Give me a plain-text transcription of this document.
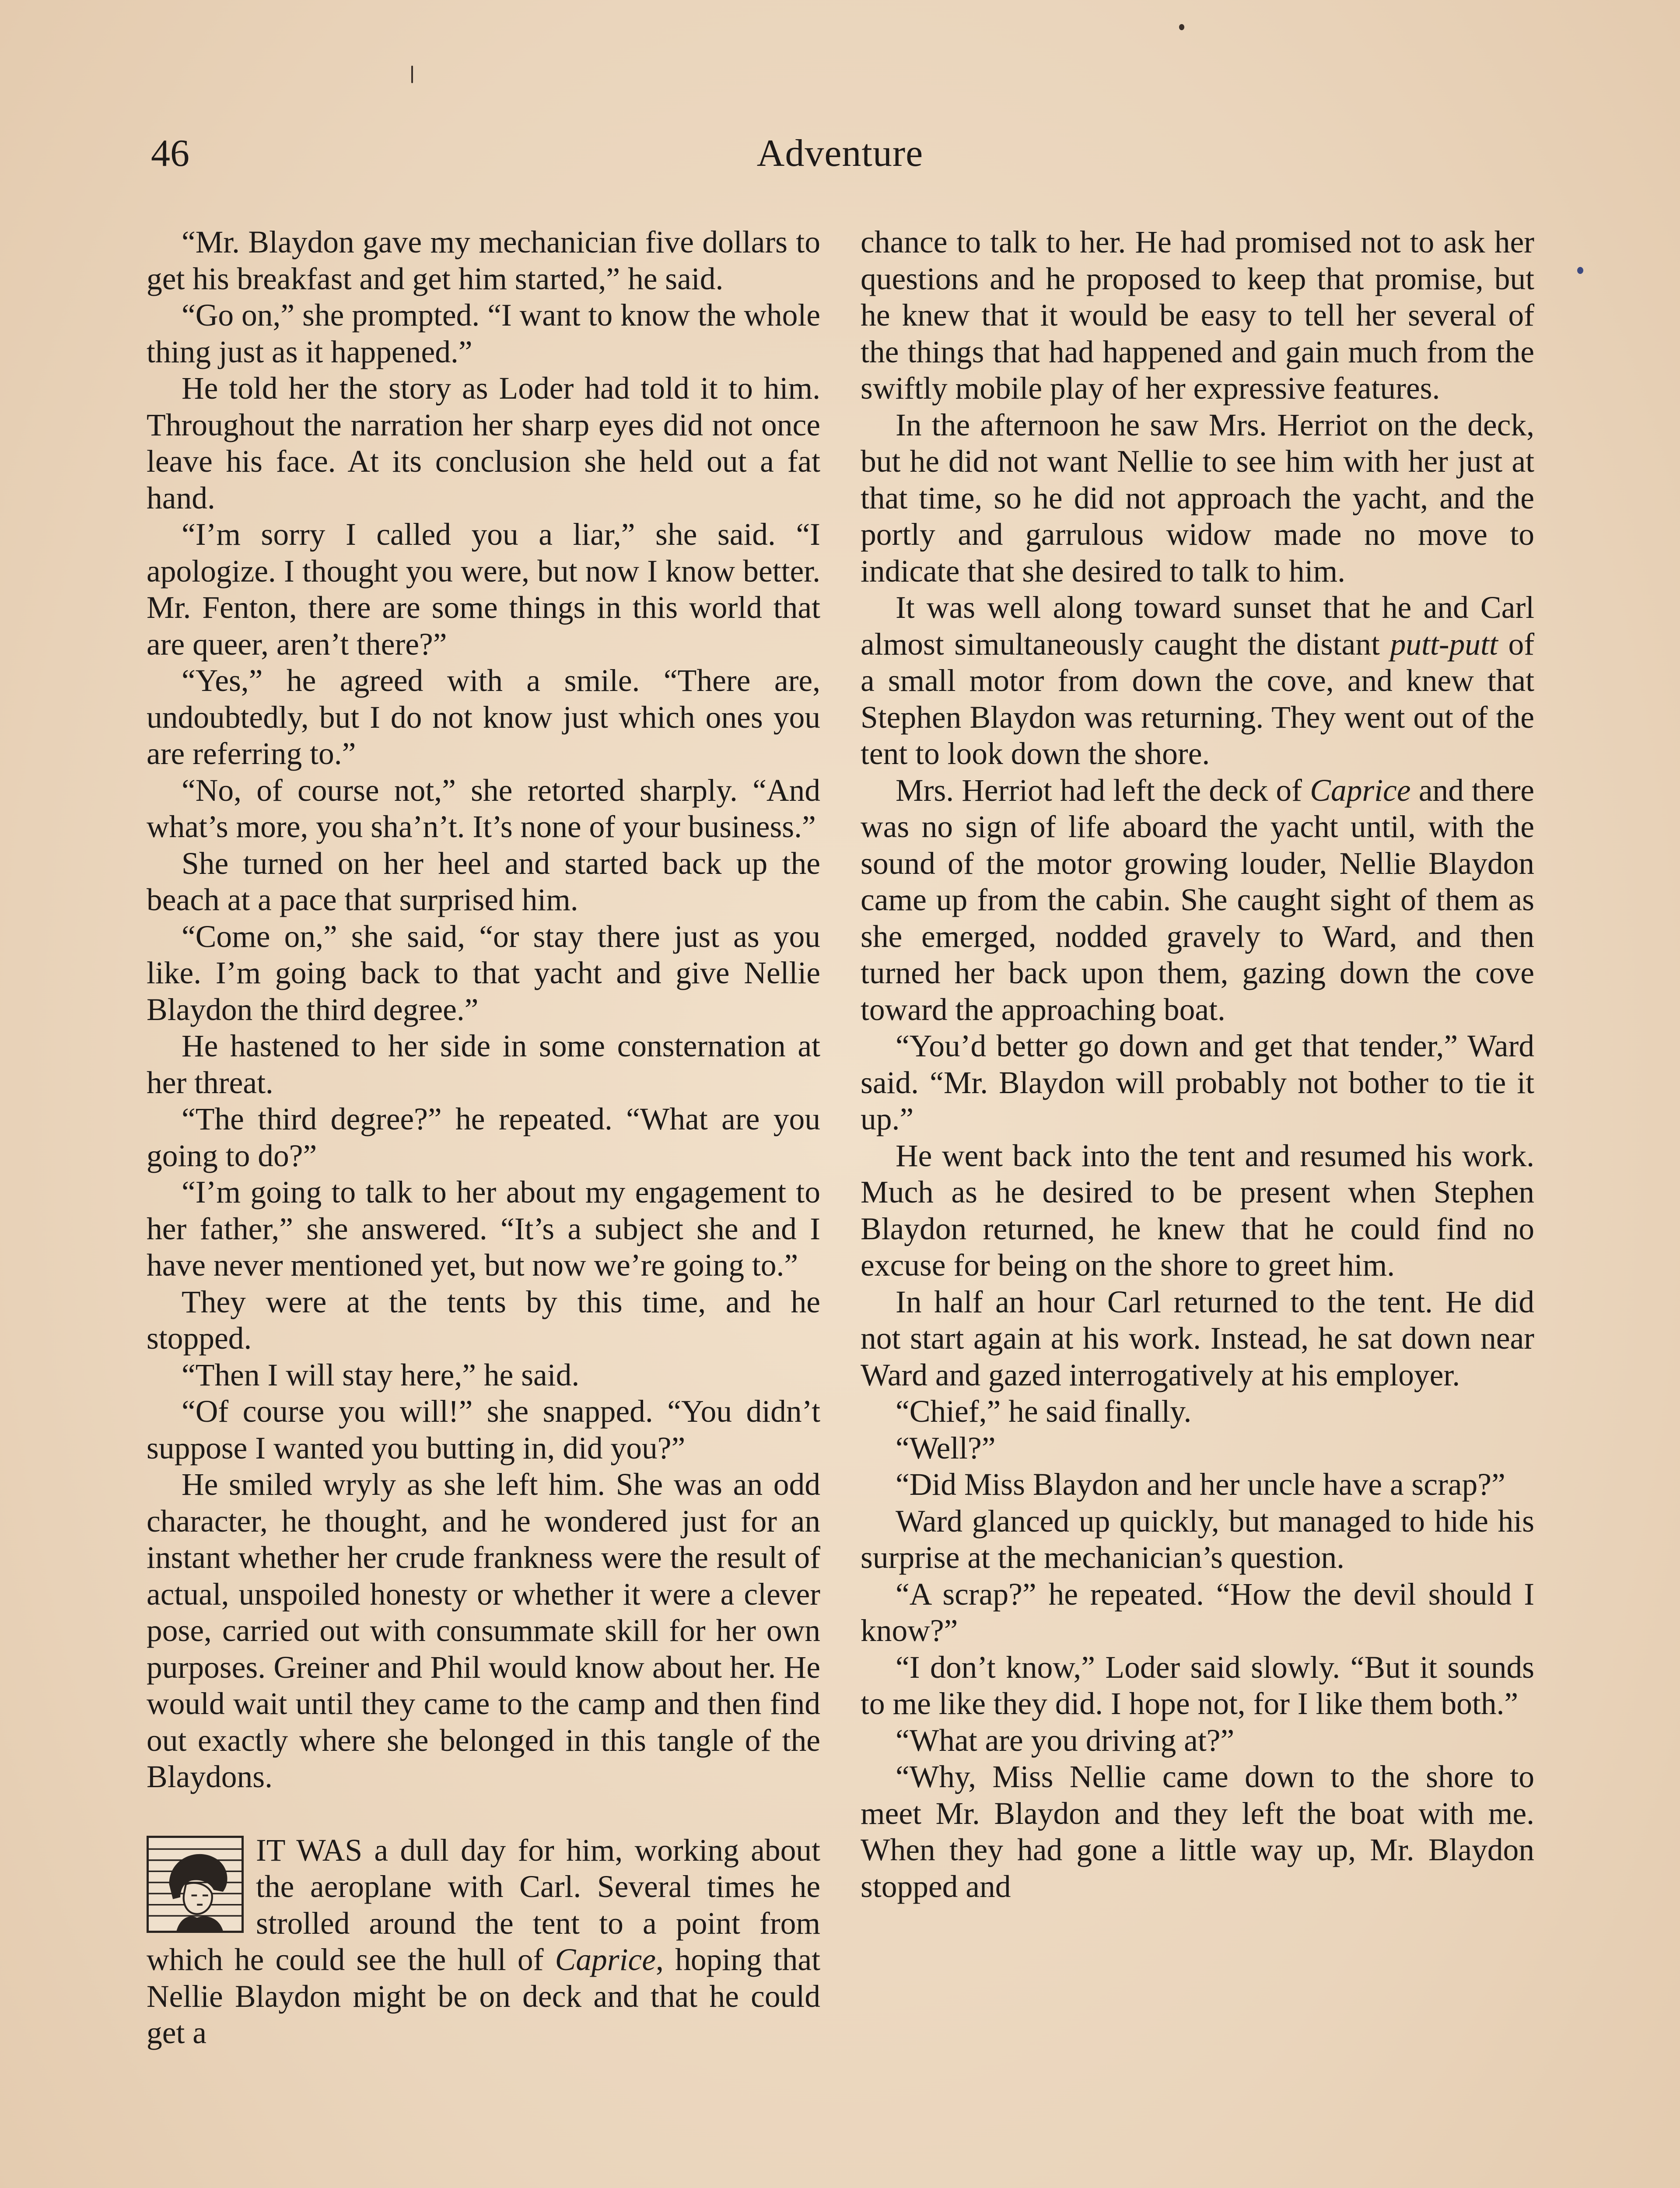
46	Adventure

“Mr. Blaydon gave my mechanician five dollars to get his breakfast and get him started,” he said.

“Go on,” she prompted. “I want to know the whole thing just as it happened.”

He told her the story as Loder had told it to him. Throughout the narration her sharp eyes did not once leave his face. At its conclusion she held out a fat hand.

“I’m sorry I called you a liar,” she said. “I apologize. I thought you were, but now I know better. Mr. Fenton, there are some things in this world that are queer, aren’t there?”

“Yes,” he agreed with a smile. “There are, undoubtedly, but I do not know just which ones you are referring to.”

“No, of course not,” she retorted sharply. “And what’s more, you sha’n’t. It’s none of your business.”

She turned on her heel and started back up the beach at a pace that surprised him.

“Come on,” she said, “or stay there just as you like. I’m going back to that yacht and give Nellie Blaydon the third degree.”

He hastened to her side in some consternation at her threat.

“The third degree?” he repeated. “What are you going to do?”

“I’m going to talk to her about my engagement to her father,” she answered. “It’s a subject she and I have never mentioned yet, but now we’re going to.”

They were at the tents by this time, and he stopped.

“Then I will stay here,” he said.

“Of course you will!” she snapped. “You didn’t suppose I wanted you butting in, did you?”

He smiled wryly as she left him. She was an odd character, he thought, and he wondered just for an instant whether her crude frankness were the result of actual, unspoiled honesty or whether it were a clever pose, carried out with consummate skill for her own purposes. Greiner and Phil would know about her. He would wait until they came to the camp and then find out exactly where she belonged in this tangle of the Blaydons.

IT WAS a dull day for him, working about the aeroplane with Carl. Several times he strolled around the tent to a point from which he could see the hull of Caprice, hoping that Nellie Blaydon might be on deck and that he could get a

chance to talk to her. He had promised not to ask her questions and he proposed to keep that promise, but he knew that it would be easy to tell her several of the things that had happened and gain much from the swiftly mobile play of her expressive features.

In the afternoon he saw Mrs. Herriot on the deck, but he did not want Nellie to see him with her just at that time, so he did not approach the yacht, and the portly and garrulous widow made no move to indicate that she desired to talk to him.

It was well along toward sunset that he and Carl almost simultaneously caught the distant putt-putt of a small motor from down the cove, and knew that Stephen Blaydon was returning. They went out of the tent to look down the shore.

Mrs. Herriot had left the deck of Caprice and there was no sign of life aboard the yacht until, with the sound of the motor growing louder, Nellie Blaydon came up from the cabin. She caught sight of them as she emerged, nodded gravely to Ward, and then turned her back upon them, gazing down the cove toward the approaching boat.

“You’d better go down and get that tender,” Ward said. “Mr. Blaydon will probably not bother to tie it up.”

He went back into the tent and resumed his work. Much as he desired to be present when Stephen Blaydon returned, he knew that he could find no excuse for being on the shore to greet him.

In half an hour Carl returned to the tent. He did not start again at his work. Instead, he sat down near Ward and gazed interrogatively at his employer.

“Chief,” he said finally.

“Well?”

“Did Miss Blaydon and her uncle have a scrap?”

Ward glanced up quickly, but managed to hide his surprise at the mechanician’s question.

“A scrap?” he repeated. “How the devil should I know?”

“I don’t know,” Loder said slowly. “But it sounds to me like they did. I hope not, for I like them both.”

“What are you driving at?”

“Why, Miss Nellie came down to the shore to meet Mr. Blaydon and they left the boat with me. When they had gone a little way up, Mr. Blaydon stopped and
